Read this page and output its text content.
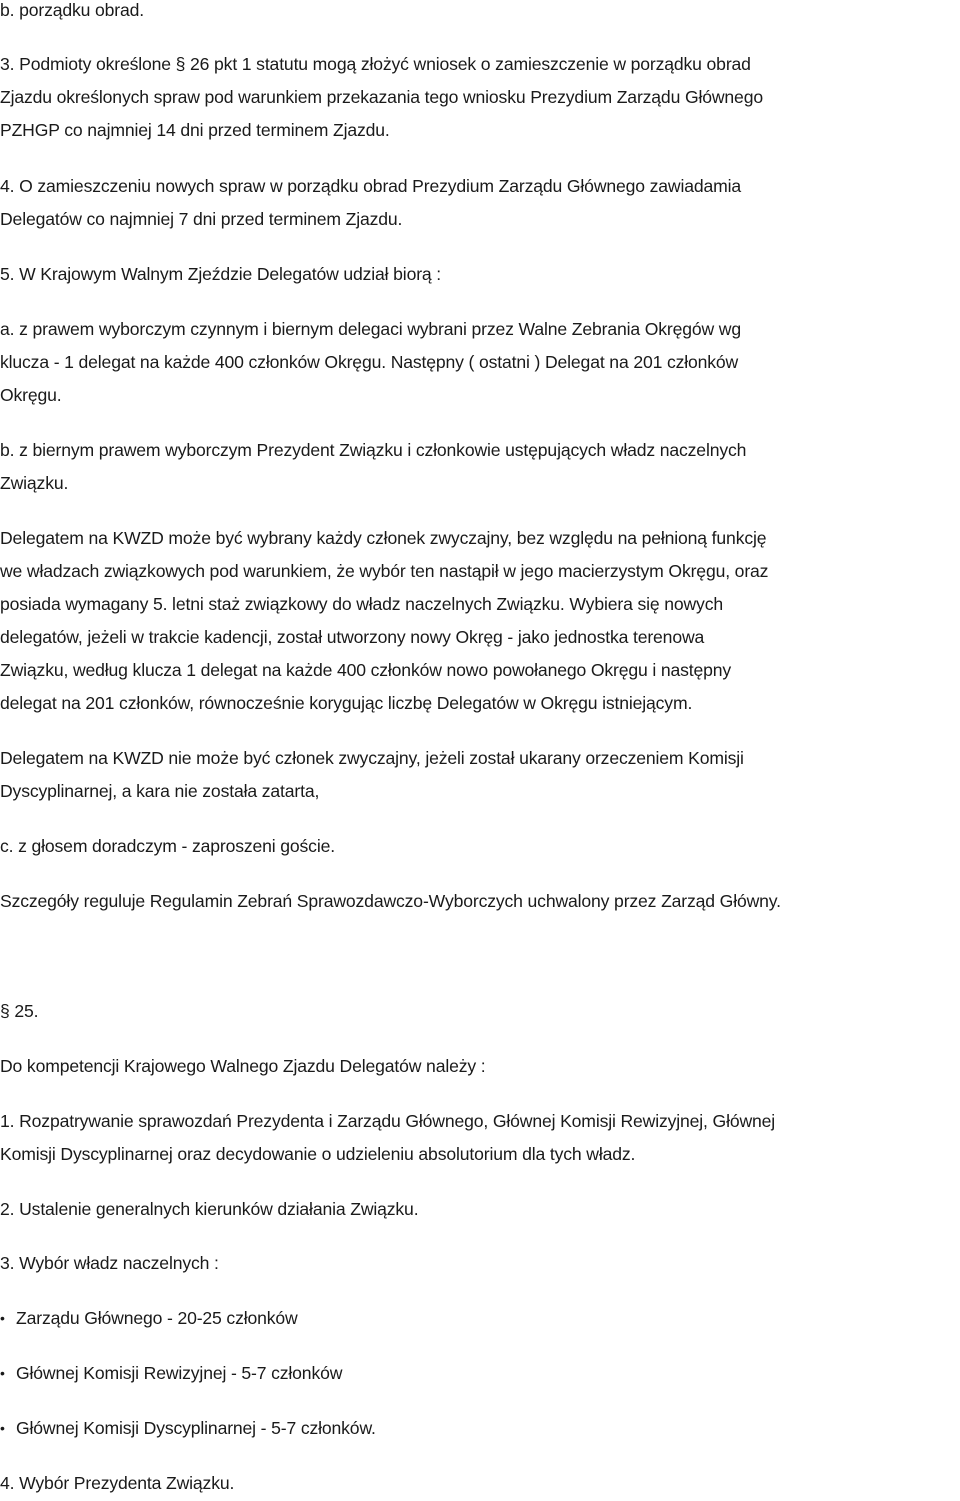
b. porządku obrad.

3. Podmioty określone § 26 pkt 1 statutu mogą złożyć wniosek o zamieszczenie w porządku obrad

Zjazdu określonych spraw pod warunkiem przekazania tego wniosku Prezydium Zarządu Głównego

PZHGP co najmniej 14 dni przed terminem Zjazdu.

4. O zamieszczeniu nowych spraw w porządku obrad Prezydium Zarządu Głównego zawiadamia

Delegatów co najmniej 7 dni przed terminem Zjazdu.

5. W Krajowym Walnym Zjeździe Delegatów udział biorą :

a. z prawem wyborczym czynnym i biernym delegaci wybrani przez Walne Zebrania Okręgów wg

klucza - 1 delegat na każde 400 członków Okręgu. Następny ( ostatni ) Delegat na 201 członków

Okręgu.

b. z biernym prawem wyborczym Prezydent Związku i członkowie ustępujących władz naczelnych

Związku.

Delegatem na KWZD może być wybrany każdy członek zwyczajny, bez względu na pełnioną funkcję

we władzach związkowych pod warunkiem, że wybór ten nastąpił w jego macierzystym Okręgu, oraz

posiada wymagany 5. letni staż związkowy do władz naczelnych Związku. Wybiera się nowych

delegatów, jeżeli w trakcie kadencji, został utworzony nowy Okręg - jako jednostka terenowa

Związku, według klucza 1 delegat na każde 400 członków nowo powołanego Okręgu i następny

delegat na 201 członków, równocześnie korygując liczbę Delegatów w Okręgu istniejącym.

Delegatem na KWZD nie może być członek zwyczajny, jeżeli został ukarany orzeczeniem Komisji

Dyscyplinarnej, a kara nie została zatarta,

c. z głosem doradczym - zaproszeni goście.

Szczegóły reguluje Regulamin Zebrań Sprawozdawczo-Wyborczych uchwalony przez Zarząd Główny.

§ 25.

Do kompetencji Krajowego Walnego Zjazdu Delegatów należy :

1. Rozpatrywanie sprawozdań Prezydenta i Zarządu Głównego, Głównej Komisji Rewizyjnej, Głównej

Komisji Dyscyplinarnej oraz decydowanie o udzieleniu absolutorium dla tych władz.

2. Ustalenie generalnych kierunków działania Związku.

3. Wybór władz naczelnych :

• Zarządu Głównego - 20-25 członków

• Głównej Komisji Rewizyjnej - 5-7 członków

• Głównej Komisji Dyscyplinarnej - 5-7 członków.

4. Wybór Prezydenta Związku.
